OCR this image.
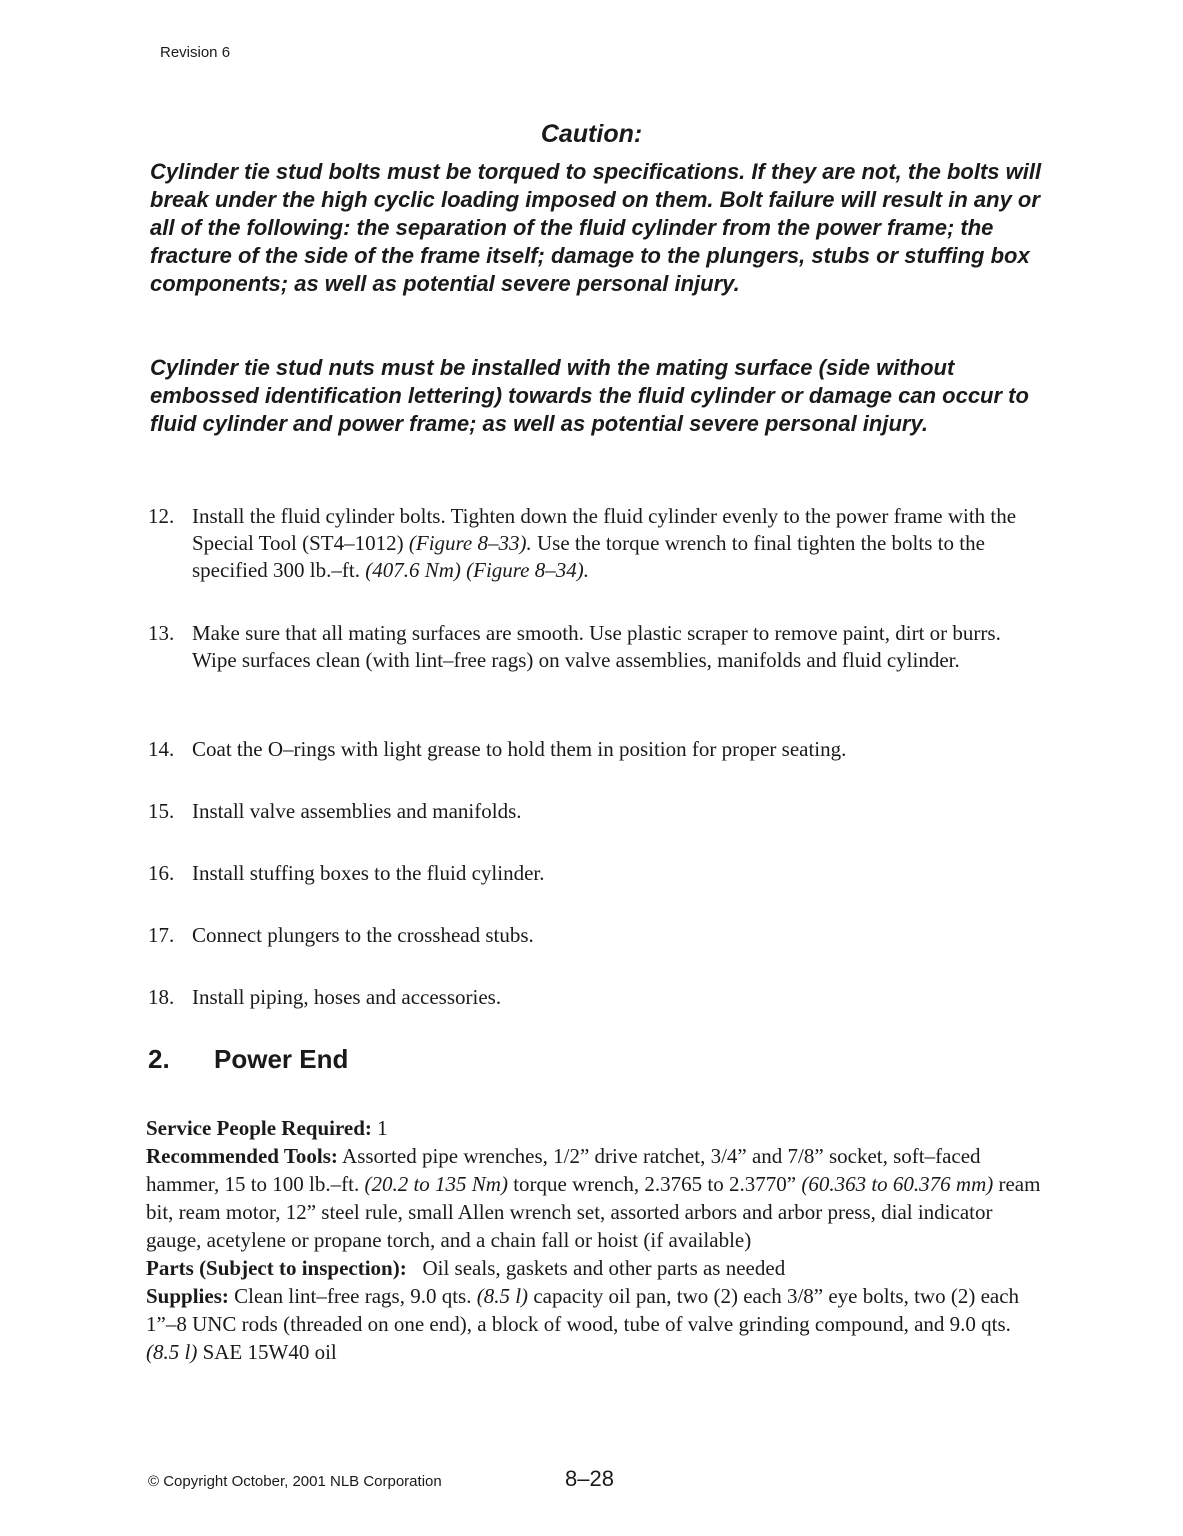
Revision 6
Caution:
Cylinder tie stud bolts must be torqued to specifications. If they are not, the bolts will break under the high cyclic loading imposed on them. Bolt failure will result in any or all of the following: the separation of the fluid cylinder from the power frame; the fracture of the side of the frame itself; damage to the plungers, stubs or stuffing box components; as well as potential severe personal injury.
Cylinder tie stud nuts must be installed with the mating surface (side without embossed identification lettering) towards the fluid cylinder or damage can occur to fluid cylinder and power frame; as well as potential severe personal injury.
12. Install the fluid cylinder bolts. Tighten down the fluid cylinder evenly to the power frame with the Special Tool (ST4–1012) (Figure 8–33). Use the torque wrench to final tighten the bolts to the specified 300 lb.–ft. (407.6 Nm) (Figure 8–34).
13. Make sure that all mating surfaces are smooth. Use plastic scraper to remove paint, dirt or burrs. Wipe surfaces clean (with lint–free rags) on valve assemblies, manifolds and fluid cylinder.
14. Coat the O–rings with light grease to hold them in position for proper seating.
15. Install valve assemblies and manifolds.
16. Install stuffing boxes to the fluid cylinder.
17. Connect plungers to the crosshead stubs.
18. Install piping, hoses and accessories.
2.	Power End
Service People Required: 1
Recommended Tools: Assorted pipe wrenches, 1/2” drive ratchet, 3/4” and 7/8” socket, soft–faced hammer, 15 to 100 lb.–ft. (20.2 to 135 Nm) torque wrench, 2.3765 to 2.3770” (60.363 to 60.376 mm) ream bit, ream motor, 12” steel rule, small Allen wrench set, assorted arbors and arbor press, dial indicator gauge, acetylene or propane torch, and a chain fall or hoist (if available)
Parts (Subject to inspection):   Oil seals, gaskets and other parts as needed
Supplies: Clean lint–free rags, 9.0 qts. (8.5 l) capacity oil pan, two (2) each 3/8” eye bolts, two (2) each 1”–8 UNC rods (threaded on one end), a block of wood, tube of valve grinding compound, and 9.0 qts. (8.5 l) SAE 15W40 oil
© Copyright October, 2001 NLB Corporation	8–28
